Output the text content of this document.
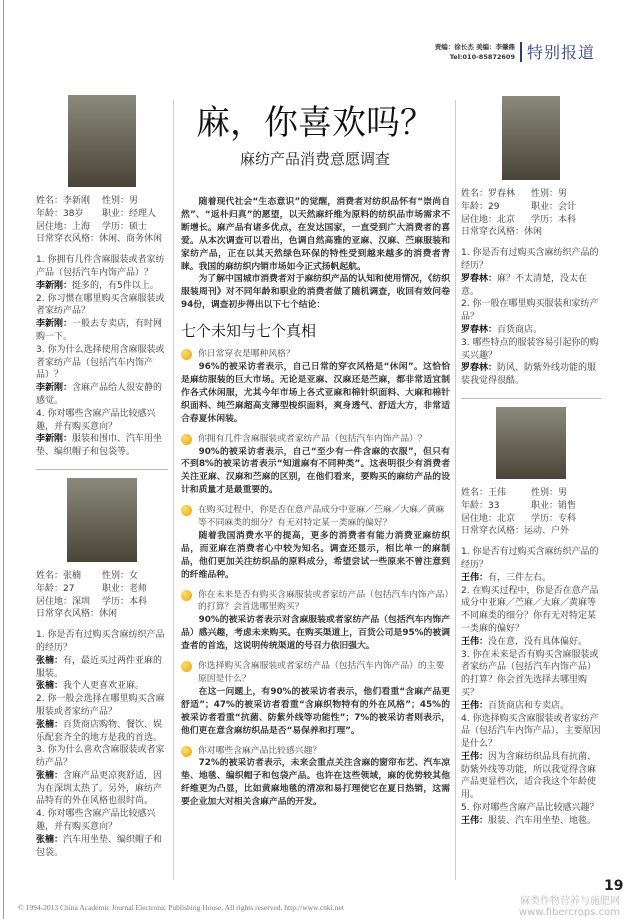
责编：徐长杰 美编：李肇鼎
Tel:010-85872609 特别报道
姓名：李新刚	性别：男
年龄：38岁	职业：经理人
居住地：上海	学历：硕士
日常穿衣风格：休闲、商务休闲
1. 你拥有几件含麻服装或者家纺产品（包括汽车内饰产品）？
李新刚：挺多的，有5件以上。
2. 你习惯在哪里购买含麻服装或者家纺产品？
李新刚：一般去专卖店，有时网购一下。
3. 你为什么选择使用含麻服装或者家纺产品（包括汽车内饰产品）？
李新刚：含麻产品给人很安静的感觉。
4. 你对哪些含麻产品比较感兴趣，并有购买意向？
李新刚：服装和围巾、汽车用坐垫、编织帽子和包袋等。
姓名：张楠	性别：女
年龄：27	职业：老师
居住地：深圳	学历：本科
日常穿衣风格：休闲
1. 你是否有过购买含麻纺织产品的经历？
张楠：有，最近买过两件亚麻的服装。
张楠：我个人更喜欢亚麻。
2. 你一般会选择在哪里购买含麻服装或者家纺产品？
张楠：百货商店购物、餐饮、娱乐配套齐全的地方是我的首选。
3. 你为什么喜欢含麻服装或者家纺产品？
张楠：含麻产品更凉爽舒适，因为在深圳太热了。另外，麻纺产品特有的外在风格也很时尚。
4. 你对哪些含麻产品比较感兴趣，并有购买意向？
张楠：汽车用坐垫、编织帽子和包袋。
姓名：罗春林	性别：男
年龄：29	职业：会计
居住地：北京	学历：本科
日常穿衣风格：休闲
1. 你是否有过购买含麻纺织产品的经历？
罗春林：麻？不太清楚，没太在意。
2. 你一般在哪里购买服装和家纺产品？
罗春林：百货商店。
3. 哪些特点的服装容易引起你的购买兴趣？
罗春林：防风、防紫外线功能的服装我觉得很酷。
姓名：王伟	性别：男
年龄：33	职业：销售
居住地：北京	学历：专科
日常穿衣风格：运动、户外
1. 你是否有过购买含麻纺织产品的经历？
王伟：有，三件左右。
2. 在购买过程中，你是否在意产品成分中亚麻／苎麻／大麻／黄麻等不同麻类的细分？你有无对特定某一类麻的偏好？
王伟：没在意，没有具体偏好。
3. 你在未来是否有购买含麻服装或者家纺产品（包括汽车内饰产品）的打算？你会首先选择去哪里购买？
王伟：百货商店和专卖店。
4. 你选择购买含麻服装或者家纺产品（包括汽车内饰产品），主要原因是什么？
王伟：因为含麻纺织品具有抗菌、防紫外线等功能，所以我觉得含麻产品更显档次，适合我这个年龄使用。
5. 你对哪些含麻产品比较感兴趣？
王伟：服装、汽车用坐垫、地毯。
麻，你喜欢吗？
麻纺产品消费意愿调查

随着现代社会“生态意识”的觉醒，消费者对纺织品怀有“崇尚自然”、“返朴归真”的愿望，以天然麻纤维为原料的纺织品市场需求不断增长。麻产品有诸多优点，在发达国家，一直受到广大消费者的喜爱。从本次调查可以看出，色调自然高雅的亚麻、汉麻、苎麻服装和家纺产品，正在以其天然绿色环保的特性受到越来越多的消费者青睐。我国的麻纺织内销市场如今正式扬帆起航。

为了解中国城市消费者对于麻纺织产品的认知和使用情况，《纺织服装周刊》对不同年龄和职业的消费者做了随机调查，收回有效问卷94份，调查初步得出以下七个结论：

七个未知与七个真相
你日常穿衣是哪种风格？

96%的被采访者表示，自己日常的穿衣风格是“休闲”。这恰恰是麻纺服装的巨大市场。无论是亚麻、汉麻还是苎麻，都非常适宜制作各式休闲服，尤其今年市场上各式亚麻和棉针织面料、大麻和棉针织面料、纯苎麻超高支薄型梭织面料，爽身透气、舒适大方，非常适合春夏休闲装。

你拥有几件含麻服装或者家纺产品（包括汽车内饰产品）？

90%的被采访者表示，自己“至少有一件含麻的衣服”，但只有不到8%的被采访者表示“知道麻有不同种类”。这表明很少有消费者关注亚麻、汉麻和苎麻的区别，在他们看来，要购买的麻纺产品的设计和质量才是最重要的。

在购买过程中，你是否在意产品成分中亚麻／苎麻／大麻／黄麻等不同麻类的细分？有无对特定某一类麻的偏好？

随着我国消费水平的提高，更多的消费者有能力消费亚麻纺织品，而亚麻在消费者心中较为知名。调查还显示，相比单一的麻制品，他们更加关注纺织品的原料成分，希望尝试一些原来不曾注意到的纤维品种。

你在未来是否有购买含麻服装或者家纺产品（包括汽车内饰产品）的打算？会首选哪里购买？

90%的被采访者表示对含麻服装或者家纺产品（包括汽车内饰产品）感兴趣，考虑未来购买。在购买渠道上，百货公司是95%的被调查者的首选，这说明传统渠道的号召力依旧强大。

你选择购买含麻服装或者家纺产品（包括汽车内饰产品）的主要原因是什么？

在这一问题上，有90%的被采访者表示，他们看重“含麻产品更舒适”；47%的被采访者看重“含麻织物特有的外在风格”；45%的被采访者看重“抗菌、防紫外线等功能性”；7%的被采访者则表示，他们更在意含麻纺织品是否“易保养和打理”。

你对哪些含麻产品比较感兴趣？

72%的被采访者表示，未来会重点关注含麻的窗帘布艺、汽车凉垫、地毯、编织帽子和包袋产品。也许在这些领域，麻的优势较其他纤维更为凸显，比如黄麻地毯的清凉和易打理使它在夏日热销，这需要企业加大对相关含麻产品的开发。

© 1994-2013 China Academic Journal Electronic Publishing House. All rights reserved. http://www.cnki.net
麻类作物营养与施肥网
www.fibercrops.com
19
